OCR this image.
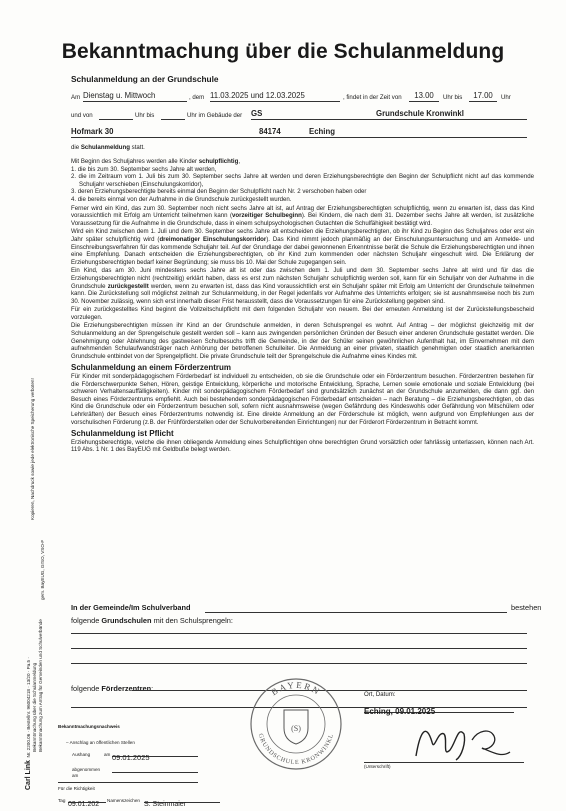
Bekanntmachung über die Schulanmeldung
Schulanmeldung an der Grundschule
Am Dienstag u. Mittwoch	, dem 11.03.2025 und 12.03.2025	, findet in der Zeit von	13.00	Uhr bis	17.00	Uhr
und von	Uhr bis	Uhr im Gebäude der GS	Grundschule Kronwinkl
Hofmark 30	84174	Eching
die Schulanmeldung statt.
Mit Beginn des Schuljahres werden alle Kinder schulpflichtig,
1. die bis zum 30. September sechs Jahre alt werden,
2. die im Zeitraum vom 1. Juli bis zum 30. September sechs Jahre alt werden und deren Erziehungsberechtigte den Beginn der Schulpflicht nicht auf das kommende Schuljahr verschieben (Einschulungskorridor),
3. deren Erziehungsberechtigte bereits einmal den Beginn der Schulpflicht nach Nr. 2 verschoben haben oder
4. die bereits einmal von der Aufnahme in die Grundschule zurückgestellt wurden.
Ferner wird ein Kind, das zum 30. September noch nicht sechs Jahre alt ist, auf Antrag der Erziehungsberechtigten schulpflichtig, wenn zu erwarten ist, dass das Kind voraussichtlich mit Erfolg am Unterricht teilnehmen kann (vorzeitiger Schulbeginn). Bei Kindern, die nach dem 31. Dezember sechs Jahre alt werden, ist zusätzliche Voraussetzung für die Aufnahme in die Grundschule, dass in einem schulpsychologischen Gutachten die Schulfähigkeit bestätigt wird.
Wird ein Kind zwischen dem 1. Juli und dem 30. September sechs Jahre alt entscheiden die Erziehungsberechtigten, ob ihr Kind zu Beginn des Schuljahres oder erst ein Jahr später schulpflichtig wird (dreimonatiger Einschulungskorridor). Das Kind nimmt jedoch planmäßig an der Einschulungsuntersuchung und am Anmelde- und Einschreibungsverfahren für das kommende Schuljahr teil. Auf der Grundlage der dabei gewonnenen Erkenntnisse berät die Schule die Erziehungsberechtigten und ihnen eine Empfehlung. Danach entscheiden die Erziehungsberechtigten, ob ihr Kind zum kommenden oder nächsten Schuljahr eingeschult wird. Die Erklärung der Erziehungsberechtigten bedarf keiner Begründung; sie muss bis 10. Mai der Schule zugegangen sein.
Ein Kind, das am 30. Juni mindestens sechs Jahre alt ist oder das zwischen dem 1. Juli und dem 30. September sechs Jahre alt wird und für das die Erziehungsberechtigten nicht (rechtzeitig) erklärt haben, dass es erst zum nächsten Schuljahr schulpflichtig werden soll, kann für ein Schuljahr von der Aufnahme in die Grundschule zurückgestellt werden, wenn zu erwarten ist, dass das Kind voraussichtlich erst ein Schuljahr später mit Erfolg am Unterricht der Grundschule teilnehmen kann. Die Zurückstellung soll möglichst zeitnah zur Schulanmeldung, in der Regel jedenfalls vor Aufnahme des Unterrichts erfolgen; sie ist ausnahmsweise noch bis zum 30. November zulässig, wenn sich erst innerhalb dieser Frist herausstellt, dass die Voraussetzungen für eine Zurückstellung gegeben sind.
Für ein zurückgestelltes Kind beginnt die Vollzeitschulpflicht mit dem folgenden Schuljahr von neuem. Bei der erneuten Anmeldung ist der Zurückstellungsbescheid vorzulegen.
Die Erziehungsberechtigten müssen ihr Kind an der Grundschule anmelden, in deren Schulsprengel es wohnt. Auf Antrag – der möglichst gleichzeitig mit der Schulanmeldung an der Sprengelschule gestellt werden soll – kann aus zwingenden persönlichen Gründen der Besuch einer anderen Grundschule gestattet werden. Die Genehmigung oder Ablehnung des gastweisen Schulbesuchs trifft die Gemeinde, in der der Schüler seinen gewöhnlichen Aufenthalt hat, im Einvernehmen mit dem aufnehmenden Schulaufwandsträger nach Anhörung der betroffenen Schulleiter. Die Anmeldung an einer privaten, staatlich genehmigten oder staatlich anerkannten Grundschule entbindet von der Sprengelpflicht. Die private Grundschule teilt der Sprengelschule die Aufnahme eines Kindes mit.
Schulanmeldung an einem Förderzentrum
Für Kinder mit sonderpädagogischem Förderbedarf ist individuell zu entscheiden, ob sie die Grundschule oder ein Förderzentrum besuchen. Förderzentren bestehen für die Förderschwerpunkte Sehen, Hören, geistige Entwicklung, körperliche und motorische Entwicklung, Sprache, Lernen sowie emotionale und soziale Entwicklung (bei schweren Verhaltensauffälligkeiten). Kinder mit sonderpädagogischem Förderbedarf sind grundsätzlich zunächst an der Grundschule anzumelden, die dann ggf. den Besuch eines Förderzentrums empfiehlt. Auch bei bestehendem sonderpädagogischen Förderbedarf entscheiden – nach Beratung – die Erziehungsberechtigten, ob das Kind die Grundschule oder ein Förderzentrum besuchen soll, sofern nicht ausnahmsweise (wegen Gefährdung des Kindeswohls oder Gefährdung von Mitschülern oder Lehrkräften) der Besuch eines Förderzentrums notwendig ist. Eine direkte Anmeldung an der Förderschule ist möglich, wenn aufgrund von Empfehlungen aus der vorschulischen Förderung (z.B. der Frühförderstellen oder der Schulvorbereitenden Einrichtungen) nur der Förderort Förderzentrum in Betracht kommt.
Schulanmeldung ist Pflicht
Erziehungsberechtigte, welche die ihnen obliegende Anmeldung eines Schulpflichtigen ohne berechtigten Grund vorsätzlich oder fahrlässig unterlassen, können nach Art. 119 Abs. 1 Nr. 1 des BayEUG mit Geldbuße belegt werden.
In der Gemeinde/Im Schulverband	bestehen
folgende Grundschulen mit den Schulsprengeln:
folgende Förderzentren:
Kopieren, Nachdruck sowie jede elektronische Speicherung verboten!
gem. BayEUG, GrSO, VSO-F
Carl Link  Nr. 2200.06 · Bestellnr. 96004218 · 13/20 · Pa.5 · Bekanntmachung über die Schulanmeldung Bekanntmachung zum Antrag für Gemeinden und Schulverbände	Bekanntmachungsnachweis
– Anschlag an öffentlichen Stellen
Aushang	am 09.01.2025
abgenommen am
Für die Richtigkeit
Tag
09.01.202
Namenszeichen
S. Steinmaier
BAYERN
GRUNDSCHULE KRONWINKL
(S)
Ort, Datum:
Eching, 09.01.2025
(Unterschrift)
